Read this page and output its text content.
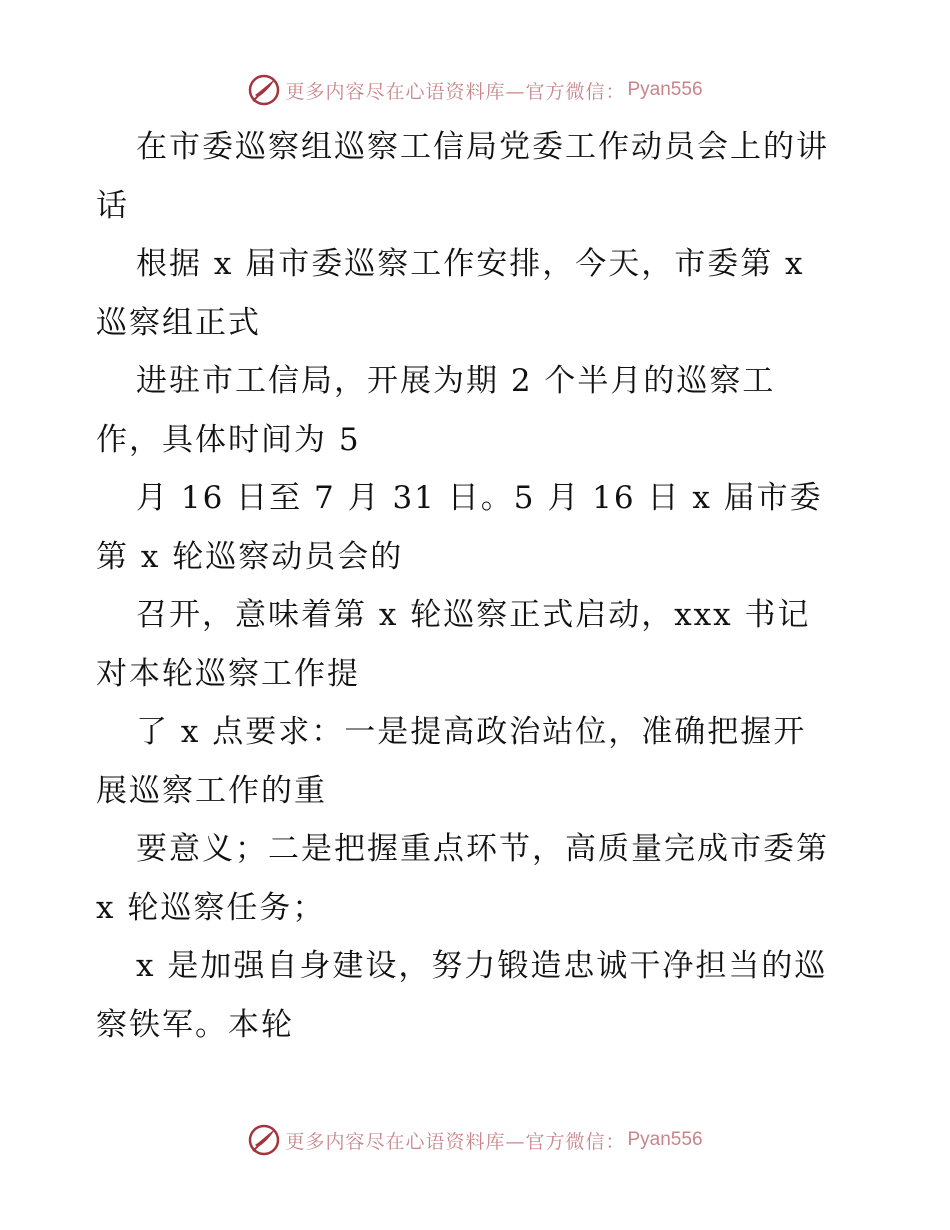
更多内容尽在心语资料库—官方微信： Pyan556
在市委巡察组巡察工信局党委工作动员会上的讲
话
根据 x 届市委巡察工作安排，今天，市委第 x
巡察组正式
进驻市工信局，开展为期 2 个半月的巡察工
作，具体时间为 5
月 16 日至 7 月 31 日。5 月 16 日 x 届市委
第 x 轮巡察动员会的
召开，意味着第 x 轮巡察正式启动，xxx 书记
对本轮巡察工作提
了 x 点要求：一是提高政治站位，准确把握开
展巡察工作的重
要意义；二是把握重点环节，高质量完成市委第
x 轮巡察任务；
x 是加强自身建设，努力锻造忠诚干净担当的巡
察铁军。本轮
更多内容尽在心语资料库—官方微信： Pyan556
